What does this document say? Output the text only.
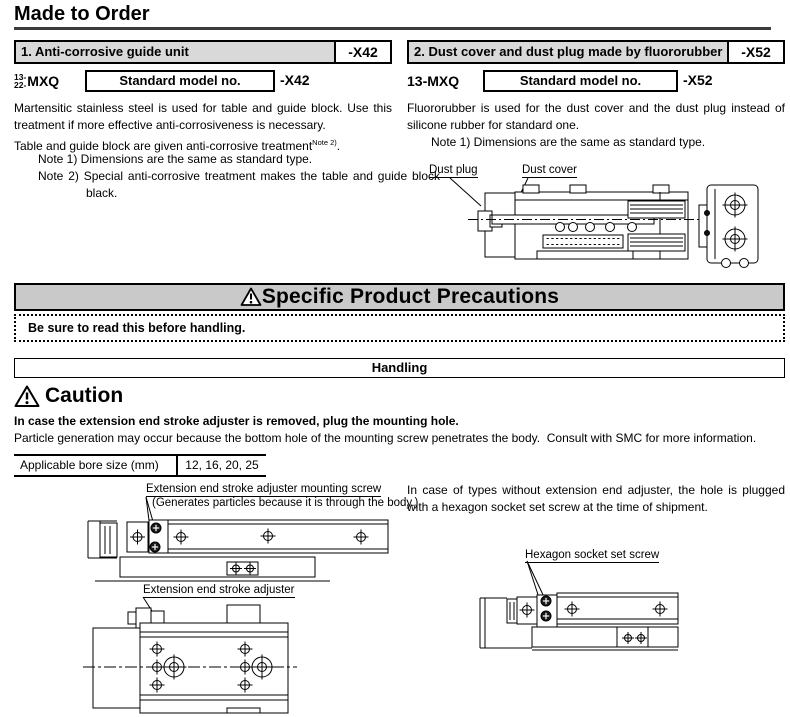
Made to Order
1. Anti-corrosive guide unit	-X42
13-
22- MXQ	Standard model no.	-X42
Martensitic stainless steel is used for table and guide block. Use this treatment if more effective anti-corrosiveness is necessary.
Table and guide block are given anti-corrosive treatment$^{Note 2)}$.
Note 1) Dimensions are the same as standard type.
Note 2) Special anti-corrosive treatment makes the table and guide block black.
2. Dust cover and dust plug made by fluororubber	-X52
13-MXQ	Standard model no.	-X52
Fluororubber is used for the dust cover and the dust plug instead of silicone rubber for standard one.
Note 1) Dimensions are the same as standard type.
Dust plug	Dust cover
Specific Product Precautions
Be sure to read this before handling.
Handling
Caution
In case the extension end stroke adjuster is removed, plug the mounting hole.
Particle generation may occur because the bottom hole of the mounting screw penetrates the body.  Consult with SMC for more information.
Applicable bore size (mm)	12, 16, 20, 25
Extension end stroke adjuster mounting screw
(Generates particles because it is through the body.)
Extension end stroke adjuster
In case of types without extension end adjuster, the hole is plugged with a hexagon socket set screw at the time of shipment.
Hexagon socket set screw
